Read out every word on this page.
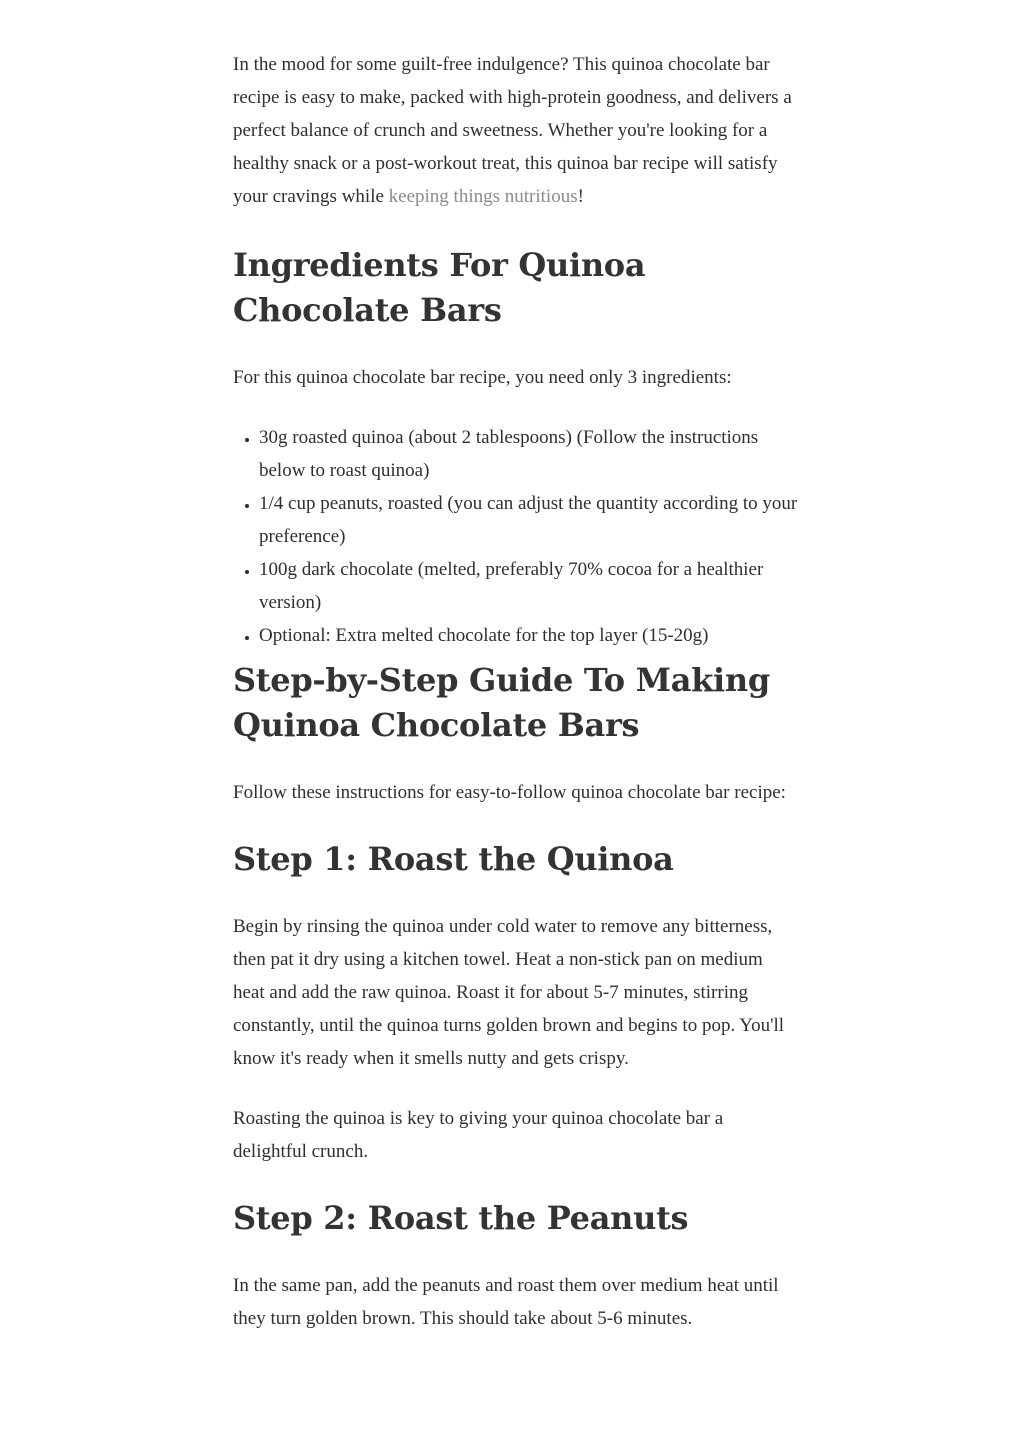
In the mood for some guilt-free indulgence? This quinoa chocolate bar recipe is easy to make, packed with high-protein goodness, and delivers a perfect balance of crunch and sweetness. Whether you're looking for a healthy snack or a post-workout treat, this quinoa bar recipe will satisfy your cravings while keeping things nutritious!

Ingredients For Quinoa Chocolate Bars

For this quinoa chocolate bar recipe, you need only 3 ingredients:

• 30g roasted quinoa (about 2 tablespoons) (Follow the instructions below to roast quinoa)
• 1/4 cup peanuts, roasted (you can adjust the quantity according to your preference)
• 100g dark chocolate (melted, preferably 70% cocoa for a healthier version)
• Optional: Extra melted chocolate for the top layer (15-20g)
Step-by-Step Guide To Making Quinoa Chocolate Bars

Follow these instructions for easy-to-follow quinoa chocolate bar recipe:

Step 1: Roast the Quinoa

Begin by rinsing the quinoa under cold water to remove any bitterness, then pat it dry using a kitchen towel. Heat a non-stick pan on medium heat and add the raw quinoa. Roast it for about 5-7 minutes, stirring constantly, until the quinoa turns golden brown and begins to pop. You'll know it's ready when it smells nutty and gets crispy.

Roasting the quinoa is key to giving your quinoa chocolate bar a delightful crunch.

Step 2: Roast the Peanuts

In the same pan, add the peanuts and roast them over medium heat until they turn golden brown. This should take about 5-6 minutes.
